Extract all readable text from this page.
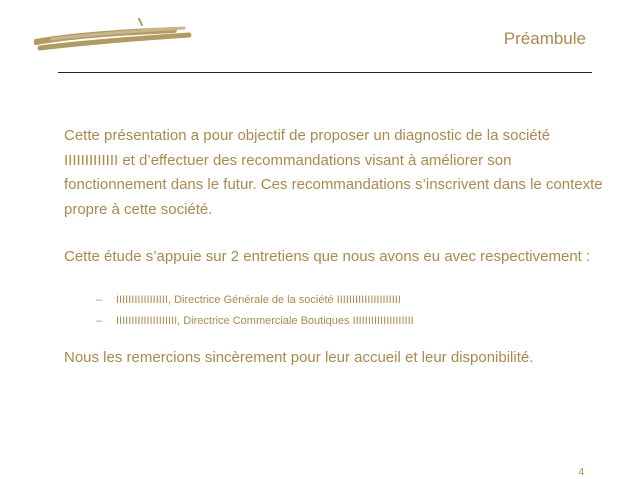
Préambule
Cette présentation a pour objectif de proposer un diagnostic de la société IIIIIIIIIIIII et d’effectuer des recommandations visant à améliorer son fonctionnement dans le futur. Ces recommandations s’inscrivent dans le contexte propre à cette société.
Cette étude s’appuie sur 2 entretiens que nous avons eu avec respectivement :
– IIIIIIIIIIIIIIIII, Directrice Générale de la société IIIIIIIIIIIIIIIIIIIII
– IIIIIIIIIIIIIIIIIIII, Directrice Commerciale Boutiques IIIIIIIIIIIIIIIIIIII
Nous les remercions sincèrement pour leur accueil et leur disponibilité.
4
